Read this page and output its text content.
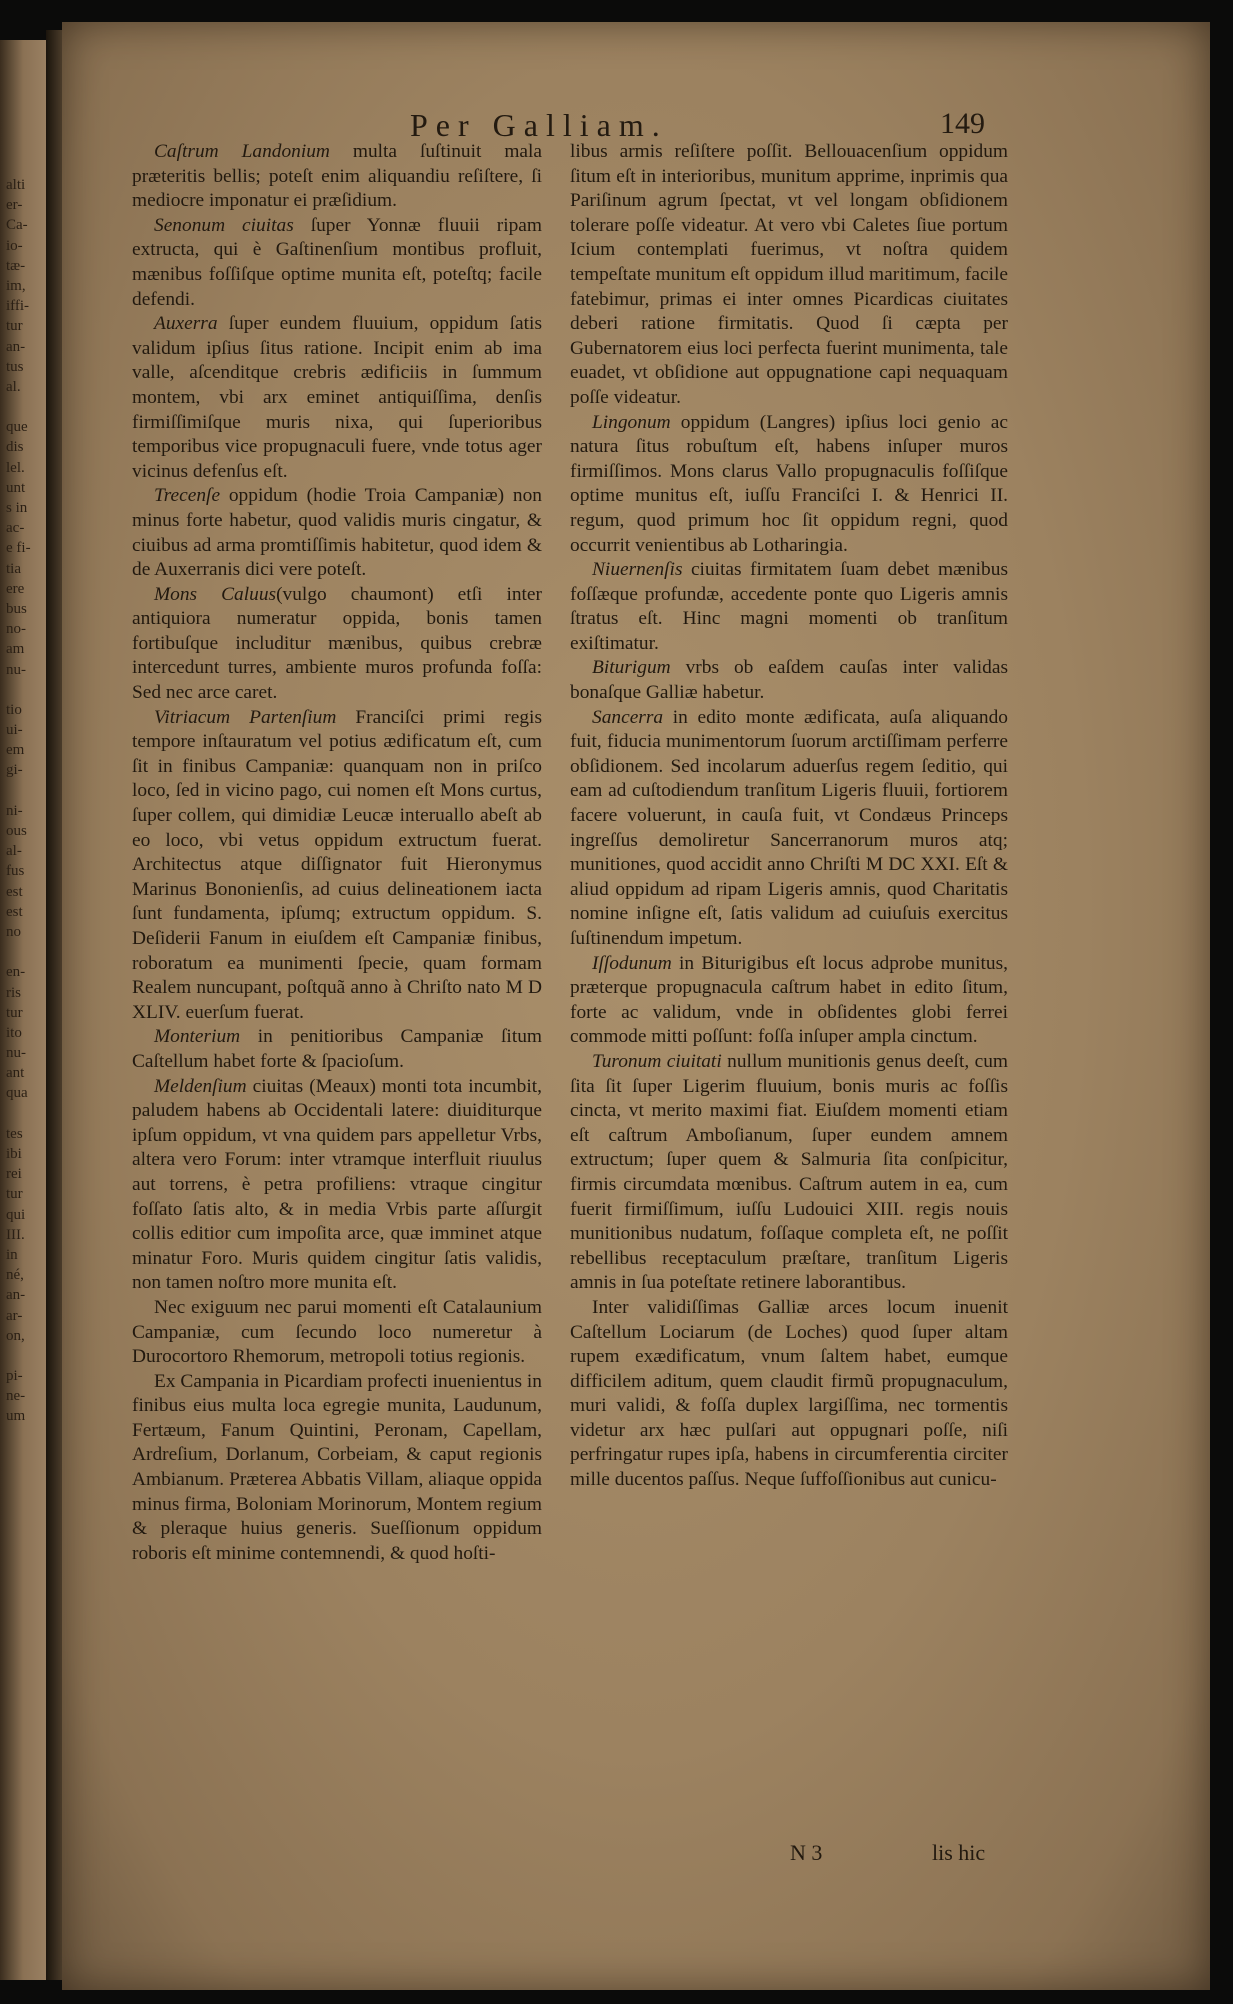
alti
er-
Ca-
io-
tæ-
im,
iffi-
tur
an-
tus
al.
que
dis
lel.
unt
s in
ac-
e fi-
tia
ere
bus
no-
am
nu-
tio
ui-
em
gi-
ni-
ous
al-
fus
est
est
no
en-
ris
tur
ito
nu-
ant
qua
tes
ibi
rei
tur
qui
III.
in
né,
an-
ar-
on,
pi-
ne-
um
Per Galliam.	149

Caſtrum Landonium multa ſuſtinuit mala præteritis bellis; poteſt enim aliquandiu reſiſtere, ſi mediocre imponatur ei præſidium.

Senonum ciuitas ſuper Yonnæ fluuii ripam extructa, qui è Gaſtinenſium montibus profluit, mænibus foſſiſque optime munita eſt, poteſtq; facile defendi.

Auxerra ſuper eundem fluuium, oppidum ſatis validum ipſius ſitus ratione. Incipit enim ab ima valle, aſcenditque crebris ædificiis in ſummum montem, vbi arx eminet antiquiſſima, denſis firmiſſimiſque muris nixa, qui ſuperioribus temporibus vice propugnaculi fuere, vnde totus ager vicinus defenſus eſt.

Trecenſe oppidum (hodie Troia Campaniæ) non minus forte habetur, quod validis muris cingatur, & ciuibus ad arma promtiſſimis habitetur, quod idem & de Auxerranis dici vere poteſt.

Mons Caluus(vulgo chaumont) etſi inter antiquiora numeratur oppida, bonis tamen fortibuſque includitur mænibus, quibus crebræ intercedunt turres, ambiente muros profunda foſſa: Sed nec arce caret.

Vitriacum Partenſium Franciſci primi regis tempore inſtauratum vel potius ædificatum eſt, cum ſit in finibus Campaniæ: quanquam non in priſco loco, ſed in vicino pago, cui nomen eſt Mons curtus, ſuper collem, qui dimidiæ Leucæ interuallo abeſt ab eo loco, vbi vetus oppidum extructum fuerat. Architectus atque diſſignator fuit Hieronymus Marinus Bononienſis, ad cuius delineationem iacta ſunt fundamenta, ipſumq; extructum oppidum. S. Deſiderii Fanum in eiuſdem eſt Campaniæ finibus, roboratum ea munimenti ſpecie, quam formam Realem nuncupant, poſtquã anno à Chriſto nato M D XLIV. euerſum fuerat.

Monterium in penitioribus Campaniæ ſitum Caſtellum habet forte & ſpacioſum.

Meldenſium ciuitas (Meaux) monti tota incumbit, paludem habens ab Occidentali latere: diuiditurque ipſum oppidum, vt vna quidem pars appelletur Vrbs, altera vero Forum: inter vtramque interfluit riuulus aut torrens, è petra profiliens: vtraque cingitur foſſato ſatis alto, & in media Vrbis parte aſſurgit collis editior cum impoſita arce, quæ imminet atque minatur Foro. Muris quidem cingitur ſatis validis, non tamen noſtro more munita eſt.

Nec exiguum nec parui momenti eſt Catalaunium Campaniæ, cum ſecundo loco numeretur à Durocortoro Rhemorum, metropoli totius regionis.

Ex Campania in Picardiam profecti inuenientus in finibus eius multa loca egregie munita, Laudunum, Fertæum, Fanum Quintini, Peronam, Capellam, Ardreſium, Dorlanum, Corbeiam, & caput regionis Ambianum. Præterea Abbatis Villam, aliaque oppida minus firma, Boloniam Morinorum, Montem regium & pleraque huius generis. Sueſſionum oppidum roboris eſt minime contemnendi, & quod hoſti-

libus armis reſiſtere poſſit. Bellouacenſium oppidum ſitum eſt in interioribus, munitum apprime, inprimis qua Pariſinum agrum ſpectat, vt vel longam obſidionem tolerare poſſe videatur. At vero vbi Caletes ſiue portum Icium contemplati fuerimus, vt noſtra quidem tempeſtate munitum eſt oppidum illud maritimum, facile fatebimur, primas ei inter omnes Picardicas ciuitates deberi ratione firmitatis. Quod ſi cæpta per Gubernatorem eius loci perfecta fuerint munimenta, tale euadet, vt obſidione aut oppugnatione capi nequaquam poſſe videatur.

Lingonum oppidum (Langres) ipſius loci genio ac natura ſitus robuſtum eſt, habens inſuper muros firmiſſimos. Mons clarus Vallo propugnaculis foſſiſque optime munitus eſt, iuſſu Franciſci I. & Henrici II. regum, quod primum hoc ſit oppidum regni, quod occurrit venientibus ab Lotharingia.

Niuernenſis ciuitas firmitatem ſuam debet mænibus foſſæque profundæ, accedente ponte quo Ligeris amnis ſtratus eſt. Hinc magni momenti ob tranſitum exiſtimatur.

Biturigum vrbs ob eaſdem cauſas inter validas bonaſque Galliæ habetur.

Sancerra in edito monte ædificata, auſa aliquando fuit, fiducia munimentorum ſuorum arctiſſimam perferre obſidionem. Sed incolarum aduerſus regem ſeditio, qui eam ad cuſtodiendum tranſitum Ligeris fluuii, fortiorem facere voluerunt, in cauſa fuit, vt Condæus Princeps ingreſſus demoliretur Sancerranorum muros atq; munitiones, quod accidit anno Chriſti M DC XXI. Eſt & aliud oppidum ad ripam Ligeris amnis, quod Charitatis nomine inſigne eſt, ſatis validum ad cuiuſuis exercitus ſuſtinendum impetum.

Iſſodunum in Biturigibus eſt locus adprobe munitus, præterque propugnacula caſtrum habet in edito ſitum, forte ac validum, vnde in obſidentes globi ferrei commode mitti poſſunt: foſſa inſuper ampla cinctum.

Turonum ciuitati nullum munitionis genus deeſt, cum ſita ſit ſuper Ligerim fluuium, bonis muris ac foſſis cincta, vt merito maximi fiat. Eiuſdem momenti etiam eſt caſtrum Amboſianum, ſuper eundem amnem extructum; ſuper quem & Salmuria ſita conſpicitur, firmis circumdata mœnibus. Caſtrum autem in ea, cum fuerit firmiſſimum, iuſſu Ludouici XIII. regis nouis munitionibus nudatum, foſſaque completa eſt, ne poſſit rebellibus receptaculum præſtare, tranſitum Ligeris amnis in ſua poteſtate retinere laborantibus.

Inter validiſſimas Galliæ arces locum inuenit Caſtellum Lociarum (de Loches) quod ſuper altam rupem exædificatum, vnum ſaltem habet, eumque difficilem aditum, quem claudit firmũ propugnaculum, muri validi, & foſſa duplex largiſſima, nec tormentis videtur arx hæc pulſari aut oppugnari poſſe, niſi perfringatur rupes ipſa, habens in circumferentia circiter mille ducentos paſſus. Neque ſuffoſſionibus aut cunicu-

N 3	lis hic
